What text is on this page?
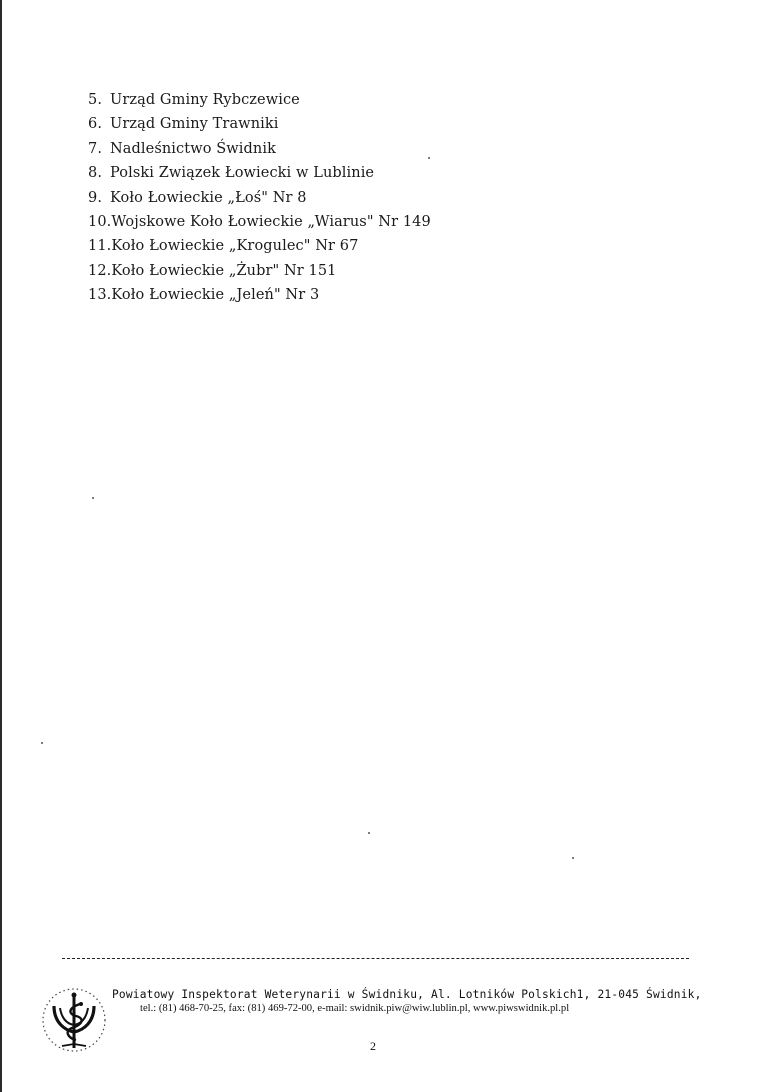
5. Urząd Gminy Rybczewice
6. Urząd Gminy Trawniki
7. Nadleśnictwo Świdnik
8. Polski Związek Łowiecki w Lublinie
9. Koło Łowieckie „Łoś" Nr 8
10.Wojskowe Koło Łowieckie „Wiarus" Nr 149
11.Koło Łowieckie „Krogulec" Nr 67
12.Koło Łowieckie „Żubr" Nr 151
13.Koło Łowieckie „Jeleń" Nr 3
Powiatowy Inspektorat Weterynarii w Świdniku, Al. Lotników Polskich1, 21-045 Świdnik,
tel.: (81) 468-70-25, fax: (81) 469-72-00, e-mail: swidnik.piw@wiw.lublin.pl, www.piwswidnik.pl.pl
2
